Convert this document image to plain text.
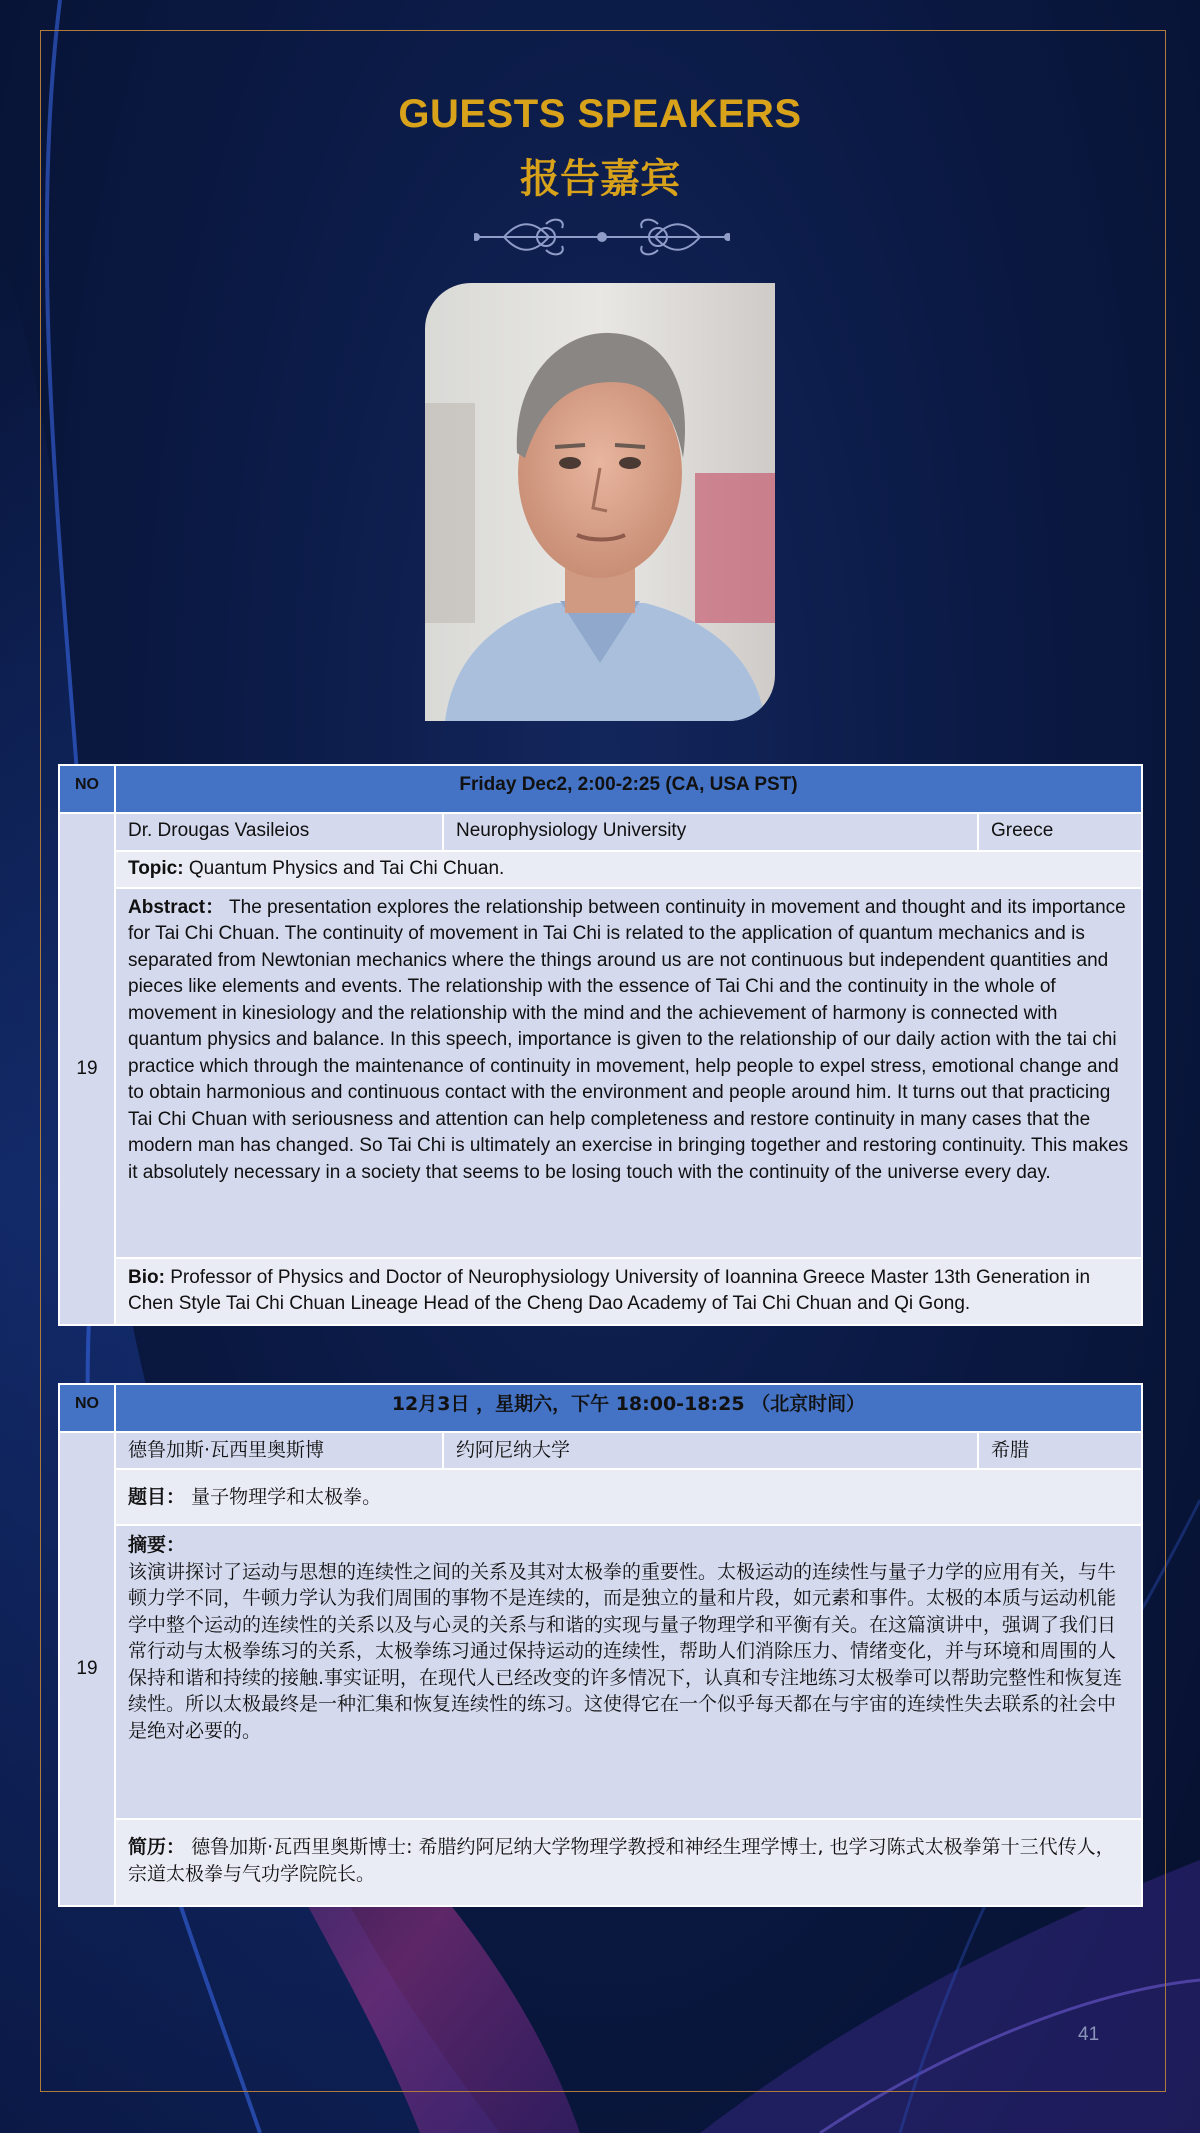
GUESTS SPEAKERS
报告嘉宾
NO	Friday Dec2, 2:00-2:25 (CA, USA PST)		
19	Dr. Drougas Vasileios	Neurophysiology University	Greece
	Topic: Quantum Physics and Tai Chi Chuan.		
	Abstract： The presentation explores the relationship between continuity in movement and thought and its importance for Tai Chi Chuan. The continuity of movement in Tai Chi is related to the application of quantum mechanics and is separated from Newtonian mechanics where the things around us are not continuous but independent quantities and pieces like elements and events. The relationship with the essence of Tai Chi and the continuity in the whole of movement in kinesiology and the relationship with the mind and the achievement of harmony is connected with quantum physics and balance. In this speech, importance is given to the relationship of our daily action with the tai chi practice which through the maintenance of continuity in movement, help people to expel stress, emotional change and to obtain harmonious and continuous contact with the environment and people around him. It turns out that practicing Tai Chi Chuan with seriousness and attention can help completeness and restore continuity in many cases that the modern man has changed. So Tai Chi is ultimately an exercise in bringing together and restoring continuity. This makes it absolutely necessary in a society that seems to be losing touch with the continuity of the universe every day.		
	Bio: Professor of Physics and Doctor of Neurophysiology University of Ioannina Greece Master 13th Generation in Chen Style Tai Chi Chuan Lineage Head of the Cheng Dao Academy of Tai Chi Chuan and Qi Gong.		
NO	12月3日 ，星期六，下午 18:00-18:25 （北京时间）		
19	德鲁加斯·瓦西里奥斯博	约阿尼纳大学	希腊
	题目： 量子物理学和太极拳。		
	摘要：
该演讲探讨了运动与思想的连续性之间的关系及其对太极拳的重要性。太极运动的连续性与量子力学的应用有关，与牛顿力学不同，牛顿力学认为我们周围的事物不是连续的，而是独立的量和片段，如元素和事件。太极的本质与运动机能学中整个运动的连续性的关系以及与心灵的关系与和谐的实现与量子物理学和平衡有关。在这篇演讲中，强调了我们日常行动与太极拳练习的关系，太极拳练习通过保持运动的连续性，帮助人们消除压力、情绪变化，并与环境和周围的人保持和谐和持续的接触.事实证明，在现代人已经改变的许多情况下，认真和专注地练习太极拳可以帮助完整性和恢复连续性。所以太极最终是一种汇集和恢复连续性的练习。这使得它在一个似乎每天都在与宇宙的连续性失去联系的社会中是绝对必要的。		
	简历： 德鲁加斯·瓦西里奥斯博士: 希腊约阿尼纳大学物理学教授和神经生理学博士, 也学习陈式太极拳第十三代传人，宗道太极拳与气功学院院长。		
41
